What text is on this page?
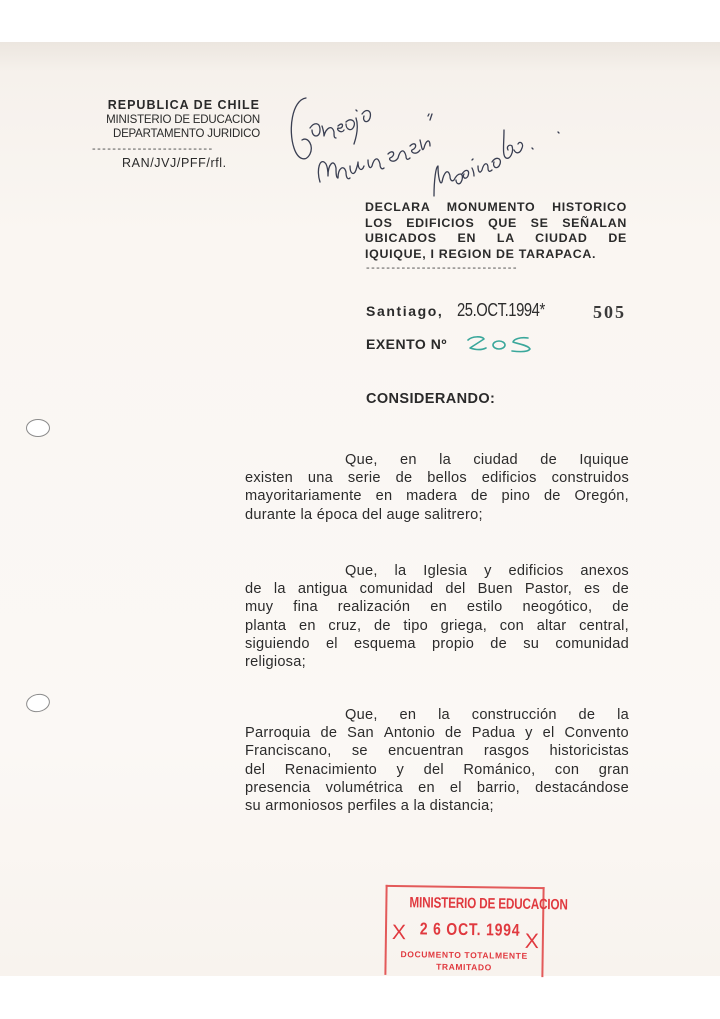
REPUBLICA DE CHILE
MINISTERIO DE EDUCACION
DEPARTAMENTO JURIDICO
------------------------
RAN/JVJ/PFF/rfl.
DECLARA MONUMENTO HISTORICO
LOS EDIFICIOS QUE SE SEÑALAN
UBICADOS EN LA CIUDAD DE
IQUIQUE, I REGION DE TARAPACA.
------------------------------
Santiago, 25.OCT.1994*	505
EXENTO Nº
CONSIDERANDO:
Que, en la ciudad de Iquique
existen una serie de bellos edificios construidos
mayoritariamente en madera de pino de Oregón,
durante la época del auge salitrero;
Que, la Iglesia y edificios anexos
de la antigua comunidad del Buen Pastor, es de
muy fina realización en estilo neogótico, de
planta en cruz, de tipo griega, con altar central,
siguiendo el esquema propio de su comunidad
religiosa;
Que, en la construcción de la
Parroquia de San Antonio de Padua y el Convento
Franciscano, se encuentran rasgos historicistas
del Renacimiento y del Románico, con gran
presencia volumétrica en el barrio, destacándose
su armoniosos perfiles a la distancia;
MINISTERIO DE EDUCACION
X 2 6 OCT. 1994
X
DOCUMENTO TOTALMENTE
TRAMITADO
